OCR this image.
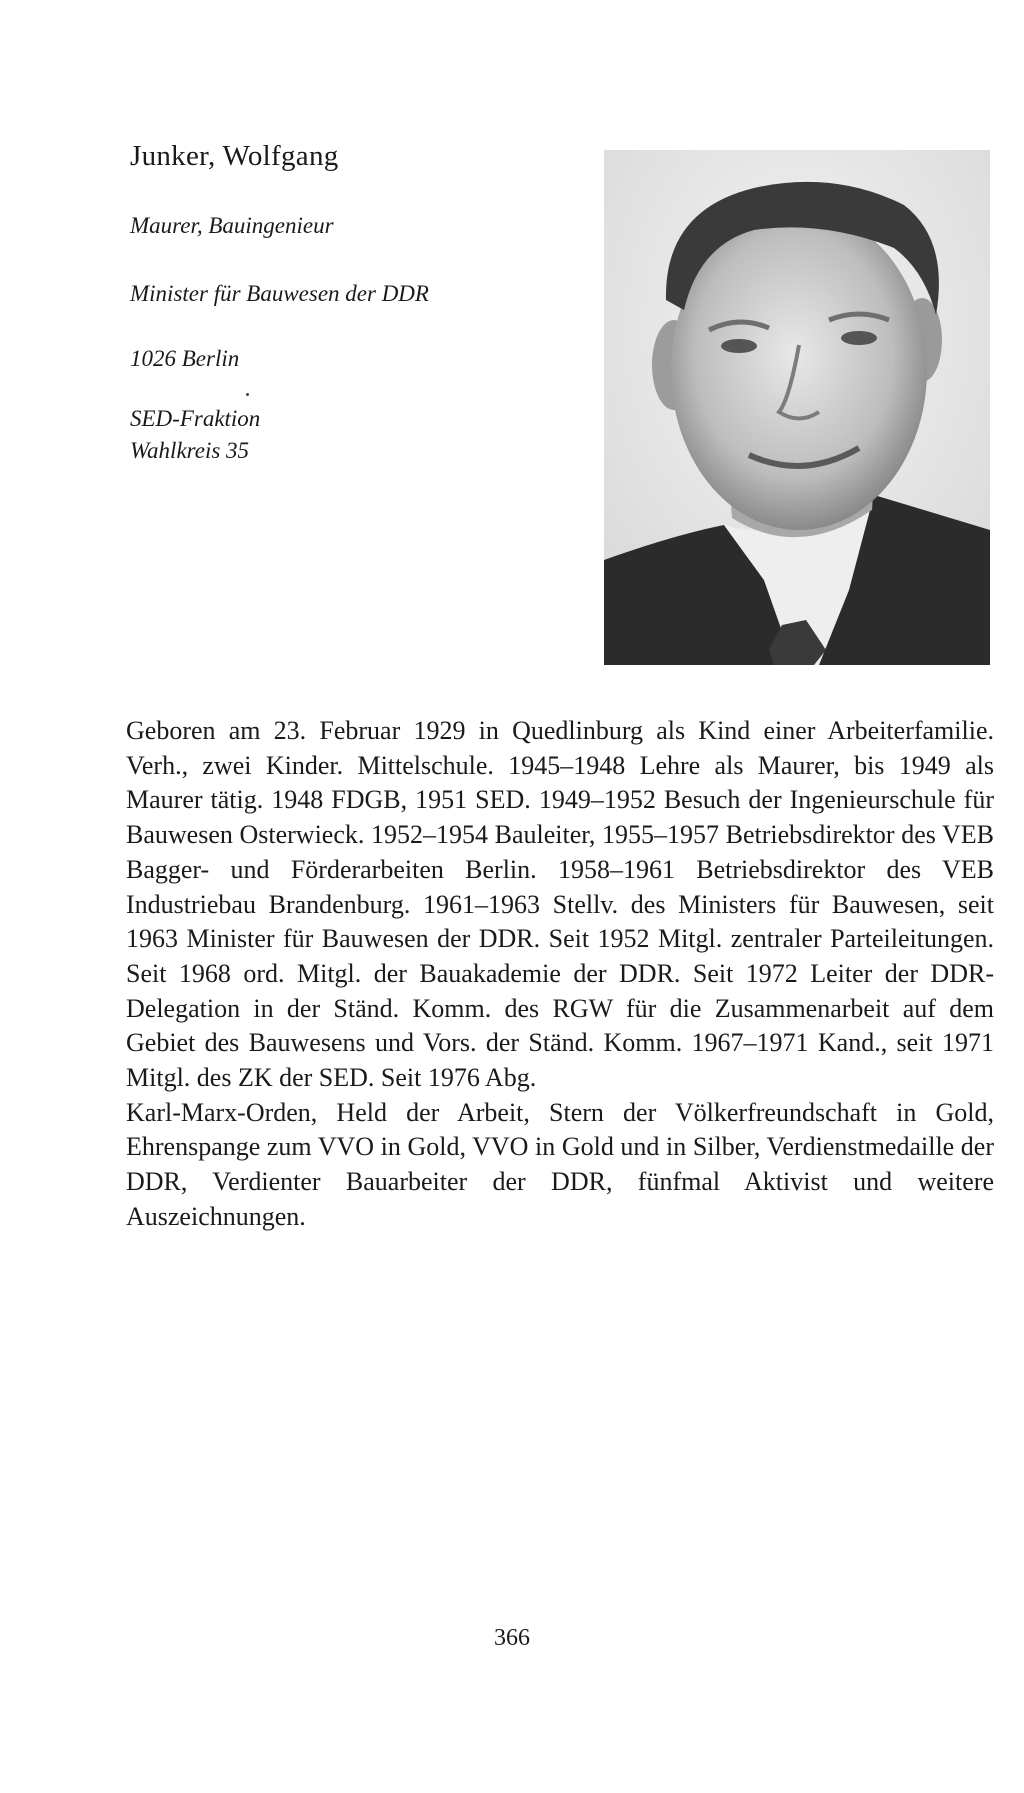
Junker, Wolfgang

Maurer, Bauingenieur

Minister für Bauwesen der DDR

1026 Berlin

SED-Fraktion

Wahlkreis 35

Geboren am 23. Februar 1929 in Quedlinburg als Kind einer Arbeiterfamilie. Verh., zwei Kinder. Mittelschule. 1945–1948 Lehre als Maurer, bis 1949 als Maurer tätig. 1948 FDGB, 1951 SED. 1949–1952 Besuch der Ingenieurschule für Bauwesen Osterwieck. 1952–1954 Bauleiter, 1955–1957 Betriebsdirektor des VEB Bagger- und Förderarbeiten Berlin. 1958–1961 Betriebsdirektor des VEB Industriebau Brandenburg. 1961–1963 Stellv. des Ministers für Bauwesen, seit 1963 Minister für Bauwesen der DDR. Seit 1952 Mitgl. zentraler Parteileitungen. Seit 1968 ord. Mitgl. der Bauakademie der DDR. Seit 1972 Leiter der DDR-Delegation in der Ständ. Komm. des RGW für die Zusammenarbeit auf dem Gebiet des Bauwesens und Vors. der Ständ. Komm. 1967–1971 Kand., seit 1971 Mitgl. des ZK der SED. Seit 1976 Abg.
Karl-Marx-Orden, Held der Arbeit, Stern der Völkerfreundschaft in Gold, Ehrenspange zum VVO in Gold, VVO in Gold und in Silber, Verdienstmedaille der DDR, Verdienter Bauarbeiter der DDR, fünfmal Aktivist und weitere Auszeichnungen.

366
